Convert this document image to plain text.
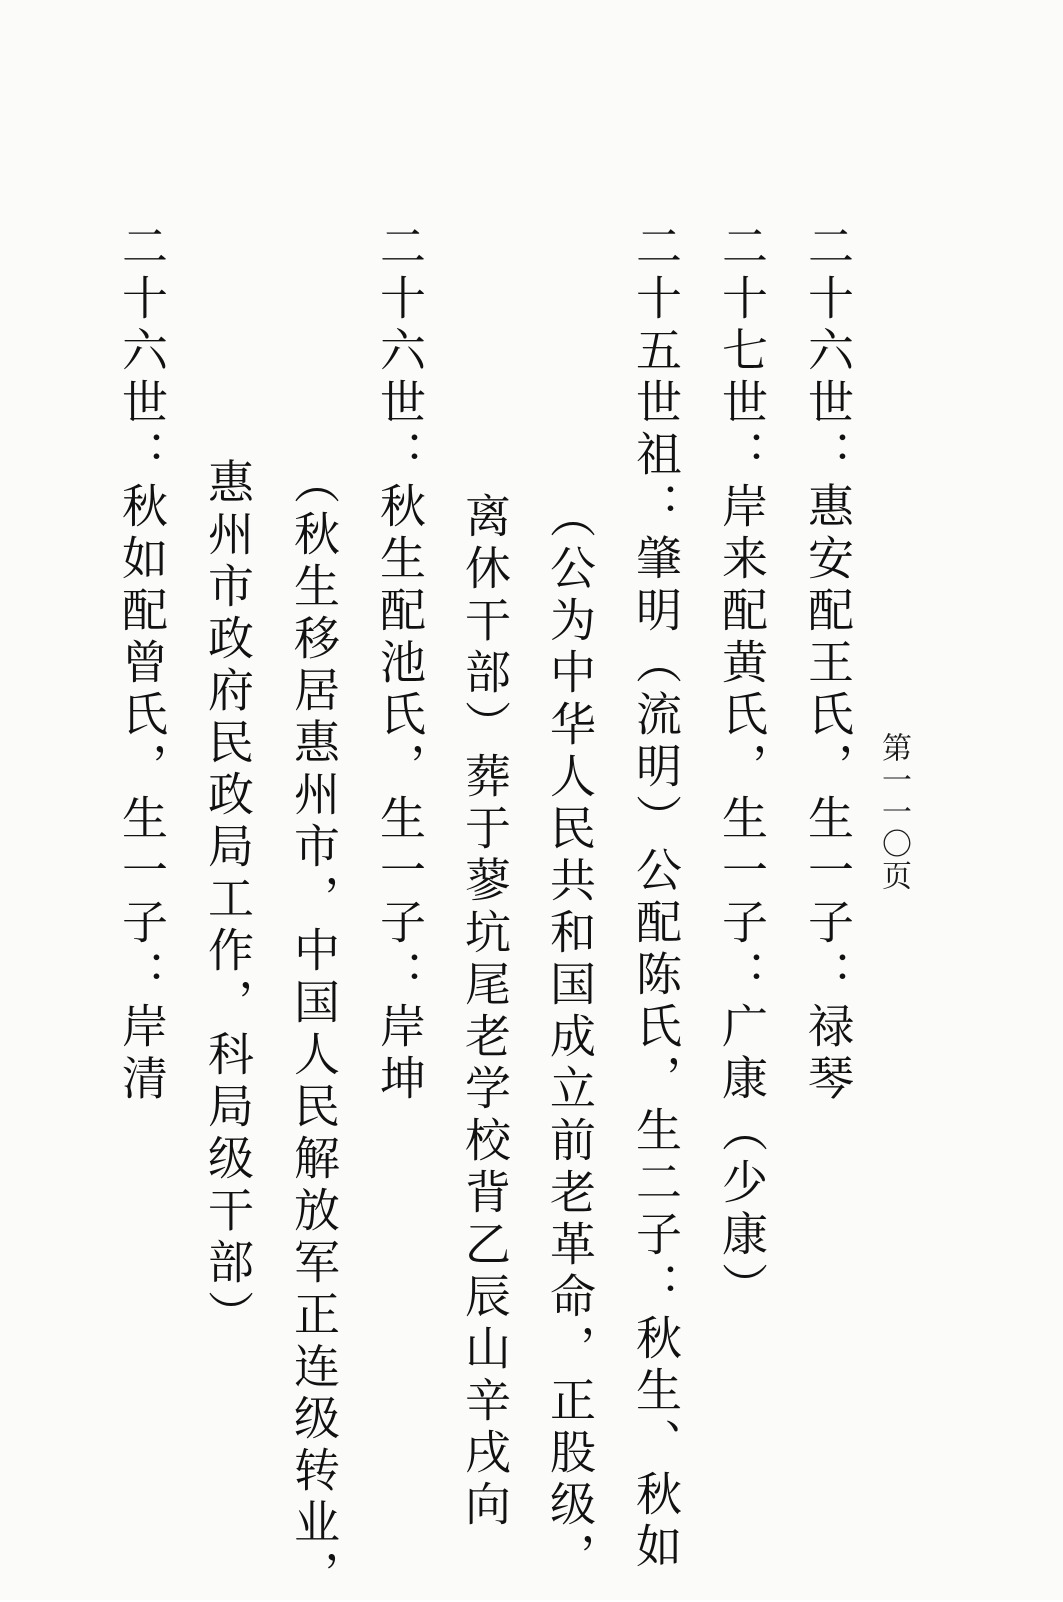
第一一〇页
二十六世：惠安配王氏，生一子：禄琴
二十七世：岸来配黄氏，生一子：广康（少康）
二十五世祖：肇明（流明）公配陈氏，生二子：秋生、秋如
（公为中华人民共和国成立前老革命，正股级，
离休干部）葬于蓼坑尾老学校背乙辰山辛戌向
二十六世：秋生配池氏，生一子：岸坤
（秋生移居惠州市，中国人民解放军正连级转业，
惠州市政府民政局工作，科局级干部）
二十六世：秋如配曾氏，生一子：岸清
